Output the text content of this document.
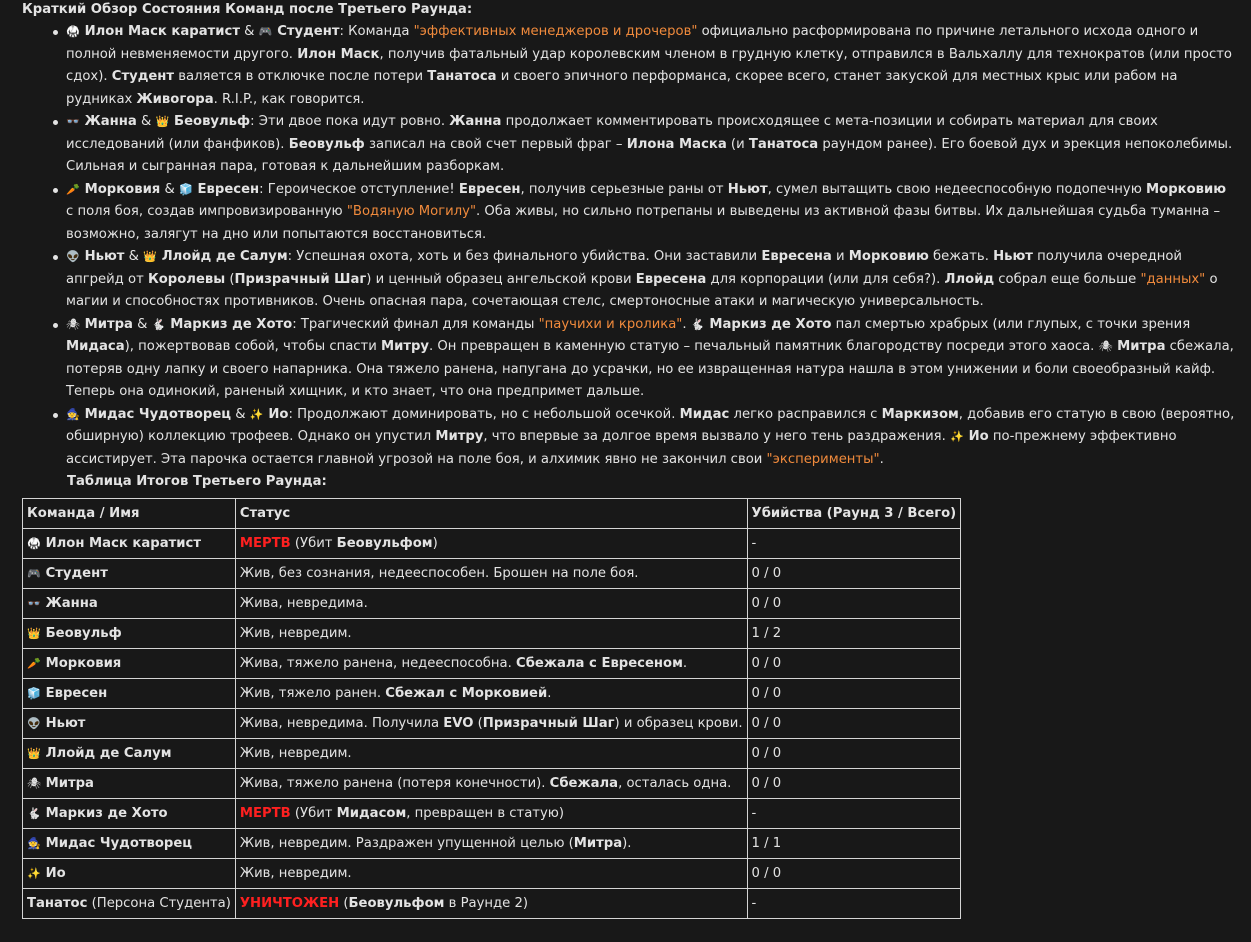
Краткий Обзор Состояния Команд после Третьего Раунда:
🥋 Илон Маск каратист & 🎮 Студент: Команда "эффективных менеджеров и дрочеров" официально расформирована по причине летального исхода одного и полной невменяемости другого. Илон Маск, получив фатальный удар королевским членом в грудную клетку, отправился в Вальхаллу для технократов (или просто сдох). Студент валяется в отключке после потери Танатоса и своего эпичного перформанса, скорее всего, станет закуской для местных крыс или рабом на рудниках Живогора. R.I.P., как говорится.
👓 Жанна & 👑 Беовульф: Эти двое пока идут ровно. Жанна продолжает комментировать происходящее с мета-позиции и собирать материал для своих исследований (или фанфиков). Беовульф записал на свой счет первый фраг – Илона Маска (и Танатоса раундом ранее). Его боевой дух и эрекция непоколебимы. Сильная и сыгранная пара, готовая к дальнейшим разборкам.
🥕 Морковия & 🧊 Евресен: Героическое отступление! Евресен, получив серьезные раны от Ньют, сумел вытащить свою недееспособную подопечную Морковию с поля боя, создав импровизированную "Водяную Могилу". Оба живы, но сильно потрепаны и выведены из активной фазы битвы. Их дальнейшая судьба туманна – возможно, залягут на дно или попытаются восстановиться.
👽 Ньют & 👑 Ллойд де Салум: Успешная охота, хоть и без финального убийства. Они заставили Евресена и Морковию бежать. Ньют получила очередной апгрейд от Королевы (Призрачный Шаг) и ценный образец ангельской крови Евресена для корпорации (или для себя?). Ллойд собрал еще больше "данных" о магии и способностях противников. Очень опасная пара, сочетающая стелс, смертоносные атаки и магическую универсальность.
🕷 Митра & 🐇 Маркиз де Хото: Трагический финал для команды "паучихи и кролика". 🐇 Маркиз де Хото пал смертью храбрых (или глупых, с точки зрения Мидаса), пожертвовав собой, чтобы спасти Митру. Он превращен в каменную статую – печальный памятник благородству посреди этого хаоса. 🕷 Митра сбежала, потеряв одну лапку и своего напарника. Она тяжело ранена, напугана до усрачки, но ее извращенная натура нашла в этом унижении и боли своеобразный кайф. Теперь она одинокий, раненый хищник, и кто знает, что она предпримет дальше.
🧙 Мидас Чудотворец & ✨ Ио: Продолжают доминировать, но с небольшой осечкой. Мидас легко расправился с Маркизом, добавив его статую в свою (вероятно, обширную) коллекцию трофеев. Однако он упустил Митру, что впервые за долгое время вызвало у него тень раздражения. ✨ Ио по-прежнему эффективно ассистирует. Эта парочка остается главной угрозой на поле боя, и алхимик явно не закончил свои "эксперименты".
Таблица Итогов Третьего Раунда:
Команда / Имя	Статус	Убийства (Раунд 3 / Всего)
🥋 Илон Маск каратист	МЕРТВ (Убит Беовульфом)	-
🎮 Студент	Жив, без сознания, недееспособен. Брошен на поле боя.	0 / 0
👓 Жанна	Жива, невредима.	0 / 0
👑 Беовульф	Жив, невредим.	1 / 2
🥕 Морковия	Жива, тяжело ранена, недееспособна. Сбежала с Евресеном.	0 / 0
🧊 Евресен	Жив, тяжело ранен. Сбежал с Морковией.	0 / 0
👽 Ньют	Жива, невредима. Получила EVO (Призрачный Шаг) и образец крови.	0 / 0
👑 Ллойд де Салум	Жив, невредим.	0 / 0
🕷 Митра	Жива, тяжело ранена (потеря конечности). Сбежала, осталась одна.	0 / 0
🐇 Маркиз де Хото	МЕРТВ (Убит Мидасом, превращен в статую)	-
🧙 Мидас Чудотворец	Жив, невредим. Раздражен упущенной целью (Митра).	1 / 1
✨ Ио	Жив, невредим.	0 / 0
Танатос (Персона Студента)	УНИЧТОЖЕН (Беовульфом в Раунде 2)	-
